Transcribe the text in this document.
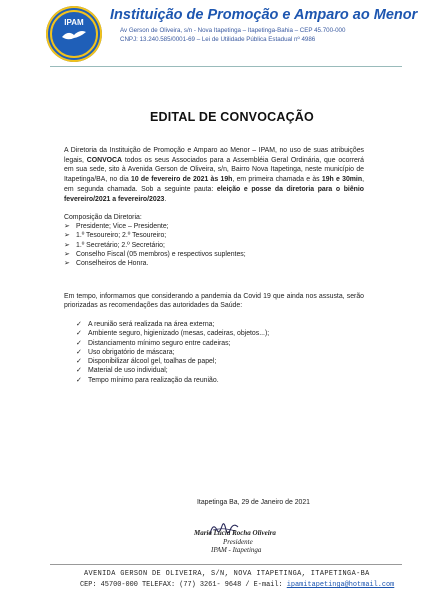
IPAM	Instituição de Promoção e Amparo ao Menor
Av Gerson de Oliveira, s/n - Nova Itapetinga – Itapetinga-Bahia – CEP 45.700-000
CNPJ: 13.240.585/0001-69 – Lei de Utilidade Pública Estadual nº 4986
EDITAL DE CONVOCAÇÃO
A Diretoria da Instituição de Promoção e Amparo ao Menor – IPAM, no uso de suas atribuições legais, CONVOCA todos os seus Associados para a Assembléia Geral Ordinária, que ocorrerá em sua sede, sito à Avenida Gerson de Oliveira, s/n, Bairro Nova Itapetinga, neste município de Itapetinga/BA, no dia 10 de fevereiro de 2021 às 19h, em primeira chamada e às 19h e 30min, em segunda chamada. Sob a seguinte pauta: eleição e posse da diretoria para o biênio fevereiro/2021 a fevereiro/2023.
Composição da Diretoria:
➢ Presidente; Vice – Presidente;
➢ 1.º Tesoureiro; 2.º Tesoureiro;
➢ 1.º Secretário; 2.º Secretário;
➢ Conselho Fiscal (05 membros) e respectivos suplentes;
➢ Conselheiros de Honra.
Em tempo, informamos que considerando a pandemia da Covid 19 que ainda nos assusta, serão priorizadas as recomendações das autoridades da Saúde:
✓ A reunião será realizada na área externa;
✓ Ambiente seguro, higienizado (mesas, cadeiras, objetos...);
✓ Distanciamento mínimo seguro entre cadeiras;
✓ Uso obrigatório de máscara;
✓ Disponibilizar álcool gel, toalhas de papel;
✓ Material de uso individual;
✓ Tempo mínimo para realização da reunião.
Itapetinga Ba, 29 de Janeiro de 2021
Maria Lúcia Rocha Oliveira
Presidente
IPAM - Itapetinga
AVENIDA GERSON DE OLIVEIRA, S/N, NOVA ITAPETINGA, ITAPETINGA-BA
CEP: 45700-000 TELEFAX: (77) 3261- 9648 / E-mail: ipamitapetinga@hotmail.com
